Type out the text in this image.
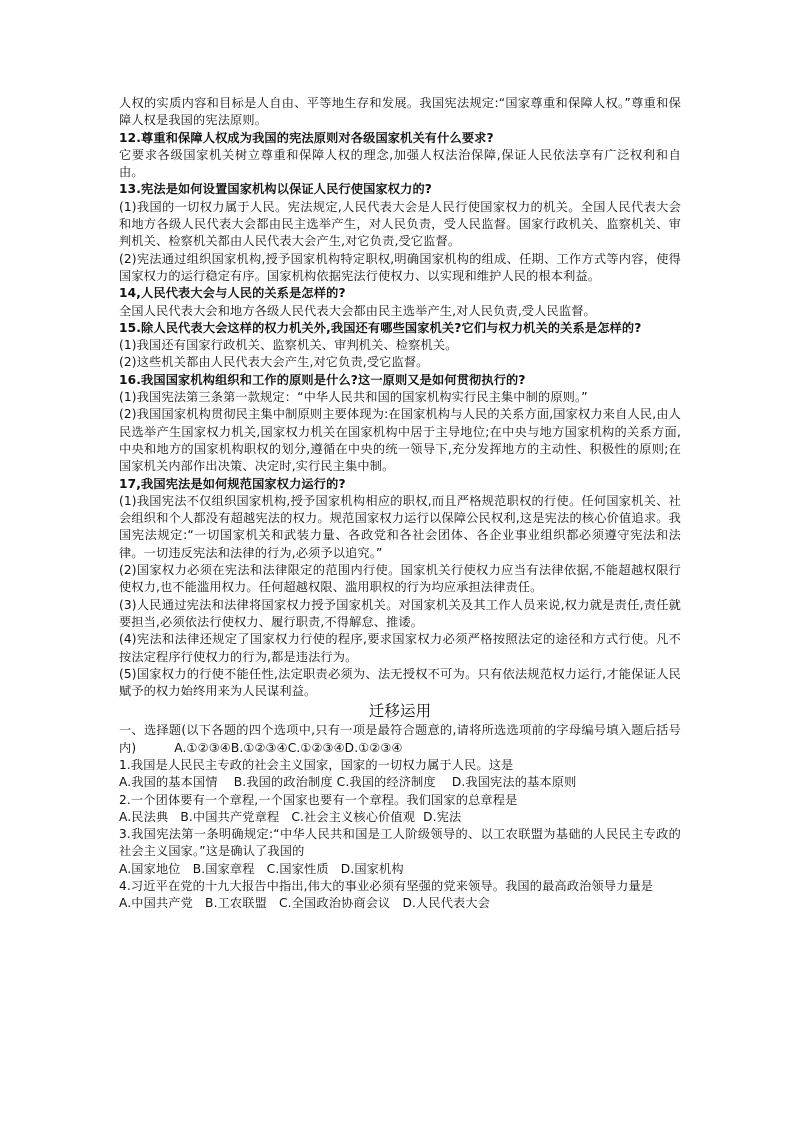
人权的实质内容和目标是人自由、平等地生存和发展。我国宪法规定:“国家尊重和保障人权。”尊重和保障人权是我国的宪法原则。

12.尊重和保障人权成为我国的宪法原则对各级国家机关有什么要求?

它要求各级国家机关树立尊重和保障人权的理念,加强人权法治保障,保证人民依法享有广泛权利和自由。

13.宪法是如何设置国家机构以保证人民行使国家权力的?

(1)我国的一切权力属于人民。宪法规定,人民代表大会是人民行使国家权力的机关。全国人民代表大会和地方各级人民代表大会都由民主选举产生，对人民负责，受人民监督。国家行政机关、监察机关、审判机关、检察机关都由人民代表大会产生,对它负责,受它监督。

(2)宪法通过组织国家机构,授予国家机构特定职权,明确国家机构的组成、任期、工作方式等内容，使得国家权力的运行稳定有序。国家机构依据宪法行使权力、以实现和维护人民的根本利益。

14,人民代表大会与人民的关系是怎样的?

全国人民代表大会和地方各级人民代表大会都由民主选举产生,对人民负责,受人民监督。

15.除人民代表大会这样的权力机关外,我国还有哪些国家机关?它们与权力机关的关系是怎样的?

(1)我国还有国家行政机关、监察机关、审判机关、检察机关。

(2)这些机关都由人民代表大会产生,对它负责,受它监督。

16.我国国家机构组织和工作的原则是什么?这一原则又是如何贯彻执行的?

(1)我国宪法第三条第一款规定：“中华人民共和国的国家机构实行民主集中制的原则。”

(2)我国国家机构贯彻民主集中制原则主要体现为:在国家机构与人民的关系方面,国家权力来自人民,由人民选举产生国家权力机关,国家权力机关在国家机构中居于主导地位;在中央与地方国家机构的关系方面,中央和地方的国家机构职权的划分,遵循在中央的统一领导下,充分发挥地方的主动性、积极性的原则;在国家机关内部作出决策、决定时,实行民主集中制。

17,我国宪法是如何规范国家权力运行的?

(1)我国宪法不仅组织国家机构,授予国家机构相应的职权,而且严格规范职权的行使。任何国家机关、社会组织和个人都没有超越宪法的权力。规范国家权力运行以保障公民权利,这是宪法的核心价值追求。我国宪法规定:“一切国家机关和武装力量、各政党和各社会团体、各企业事业组织都必须遵守宪法和法律。一切违反宪法和法律的行为,必须予以追究。”

(2)国家权力必须在宪法和法律限定的范围内行使。国家机关行使权力应当有法律依据,不能超越权限行使权力,也不能滥用权力。任何超越权限、滥用职权的行为均应承担法律责任。

(3)人民通过宪法和法律将国家权力授予国家机关。对国家机关及其工作人员来说,权力就是责任,责任就要担当,必须依法行使权力、履行职责,不得解怠、推诿。

(4)宪法和法律还规定了国家权力行使的程序,要求国家权力必须严格按照法定的途径和方式行使。凡不按法定程序行使权力的行为,都是违法行为。

(5)国家权力的行使不能任性,法定职责必须为、法无授权不可为。只有依法规范权力运行,才能保证人民赋予的权力始终用来为人民谋利益。

迁移运用

一、选择题(以下各题的四个选项中,只有一项是最符合题意的,请将所选选项前的字母编号填入题后括号内)	A.①②③④B.①②③④C.①②③④D.①②③④

1.我国是人民民主专政的社会主义国家，国家的一切权力属于人民。这是

A.我国的基本国情    B.我国的政治制度 C.我国的经济制度    D.我国宪法的基本原则

2.一个团体要有一个章程,一个国家也要有一个章程。我们国家的总章程是

A.民法典   B.中国共产党章程   C.社会主义核心价值观  D.宪法

3.我国宪法第一条明确规定:“中华人民共和国是工人阶级领导的、以工农联盟为基础的人民民主专政的社会主义国家。”这是确认了我国的

A.国家地位   B.国家章程   C.国家性质   D.国家机构

4.习近平在党的十九大报告中指出,伟大的事业必须有坚强的党来领导。我国的最高政治领导力量是

A.中国共产党   B.工农联盟   C.全国政治协商会议   D.人民代表大会
